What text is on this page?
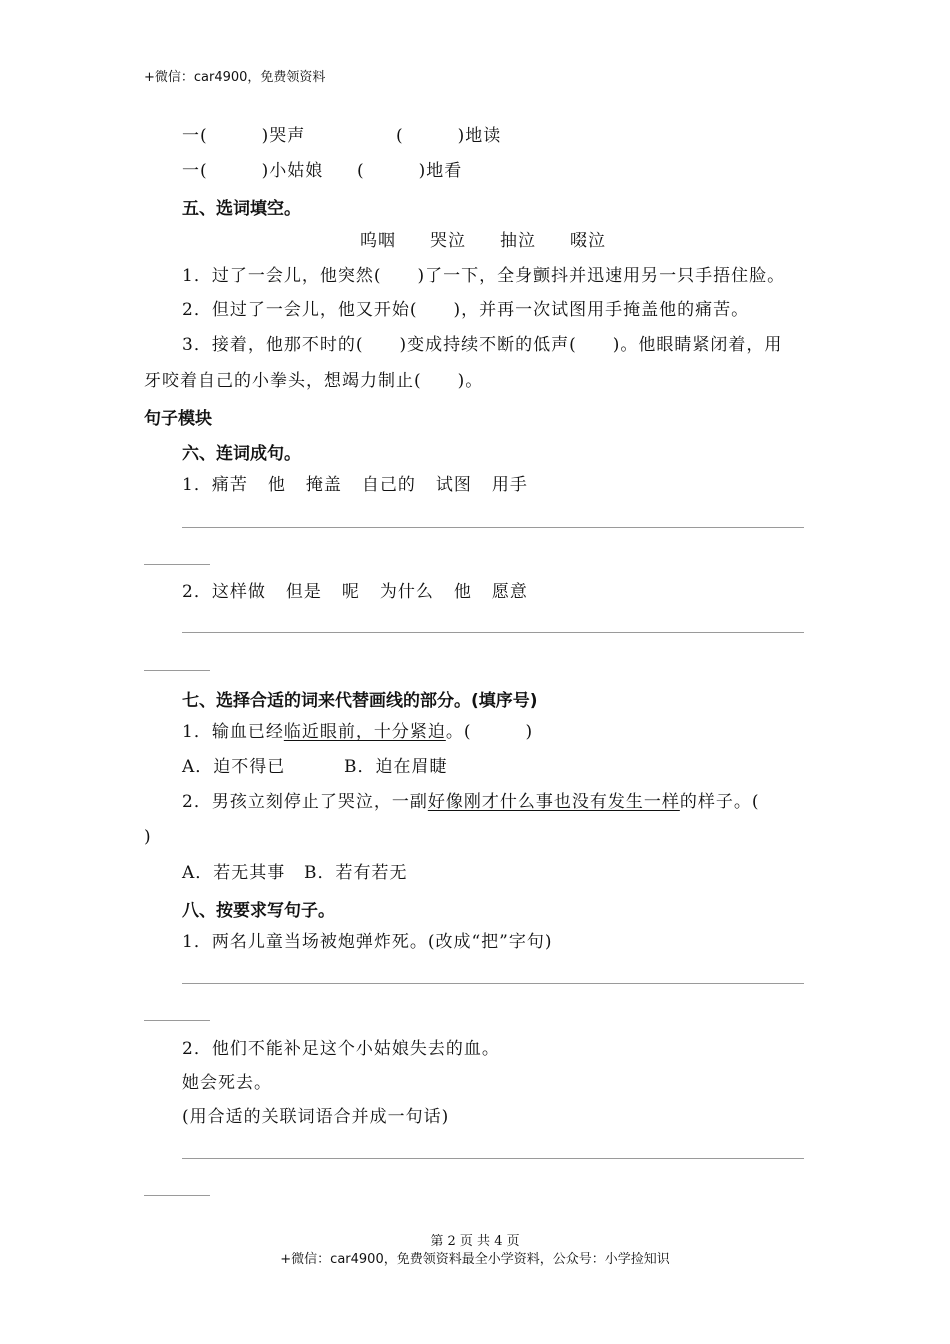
+微信：car4900，免费领资料
一(　　　)哭声	(　　　)地读
一(　　　)小姑娘 (　　　)地看
五、选词填空。
呜咽 哭泣 抽泣 啜泣
1．过了一会儿，他突然(　　)了一下，全身颤抖并迅速用另一只手捂住脸。
2．但过了一会儿，他又开始(　　)，并再一次试图用手掩盖他的痛苦。
3．接着，他那不时的(　　)变成持续不断的低声(　　)。他眼睛紧闭着，用
牙咬着自己的小拳头，想竭力制止(　　)。
句子模块
六、连词成句。
1．痛苦 他 掩盖 自己的 试图 用手
2．这样做 但是 呢 为什么 他 愿意
七、选择合适的词来代替画线的部分。(填序号)
1．输血已经临近眼前，十分紧迫。(　　　)
A．迫不得已	B．迫在眉睫
2．男孩立刻停止了哭泣，一副好像刚才什么事也没有发生一样的样子。(
)
A．若无其事 B．若有若无
八、按要求写句子。
1．两名儿童当场被炮弹炸死。(改成“把”字句)
2．他们不能补足这个小姑娘失去的血。
她会死去。
(用合适的关联词语合并成一句话)
第 2 页 共 4 页
+微信：car4900，免费领资料最全小学资料，公众号：小学捡知识
